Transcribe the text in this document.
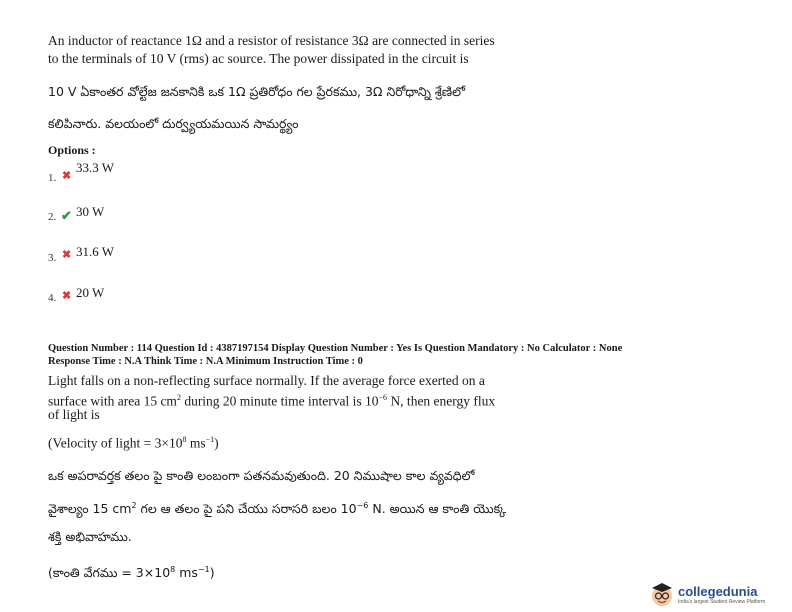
An inductor of reactance 1Ω and a resistor of resistance 3Ω are connected in series
to the terminals of 10 V (rms) ac source. The power dissipated in the circuit is
10 V ఏకాంతర వోల్టేజ జనకానికి ఒక 1Ω ప్రతిరోధం గల ప్రేరకము, 3Ω నిరోధాన్ని శ్రేణిలో
కలిపినారు. వలయంలో దుర్వ్యయమయిన సామర్థ్యం
Options :
1. ✖
33.3 W
2. ✔ 30 W
3. ✖ 31.6 W
4. ✖ 20 W
Question Number : 114 Question Id : 4387197154 Display Question Number : Yes Is Question Mandatory : No Calculator : None
Response Time : N.A Think Time : N.A Minimum Instruction Time : 0
Light falls on a non-reflecting surface normally. If the average force exerted on a
surface with area 15 $cm^2$ during 20 minute time interval is $10^{-6}$ N, then energy flux
of light is
(Velocity of light = $3\times 10^8$ $ms^{-1}$)
ఒక అపరావర్తక తలం పై కాంతి లంబంగా పతనమవుతుంది. 20 నిముషాల కాల వ్యవధిలో
వైశాల్యం 15 $cm^2$ గల ఆ తలం పై పని చేయు సరాసరి బలం $10^{-6}$ N. అయిన ఆ కాంతి యొక్క
శక్తి అభివాహము.
(కాంతి వేగము = $3\times 10^8$ $ms^{-1}$)
collegedunia
India's largest Student Review Platform
